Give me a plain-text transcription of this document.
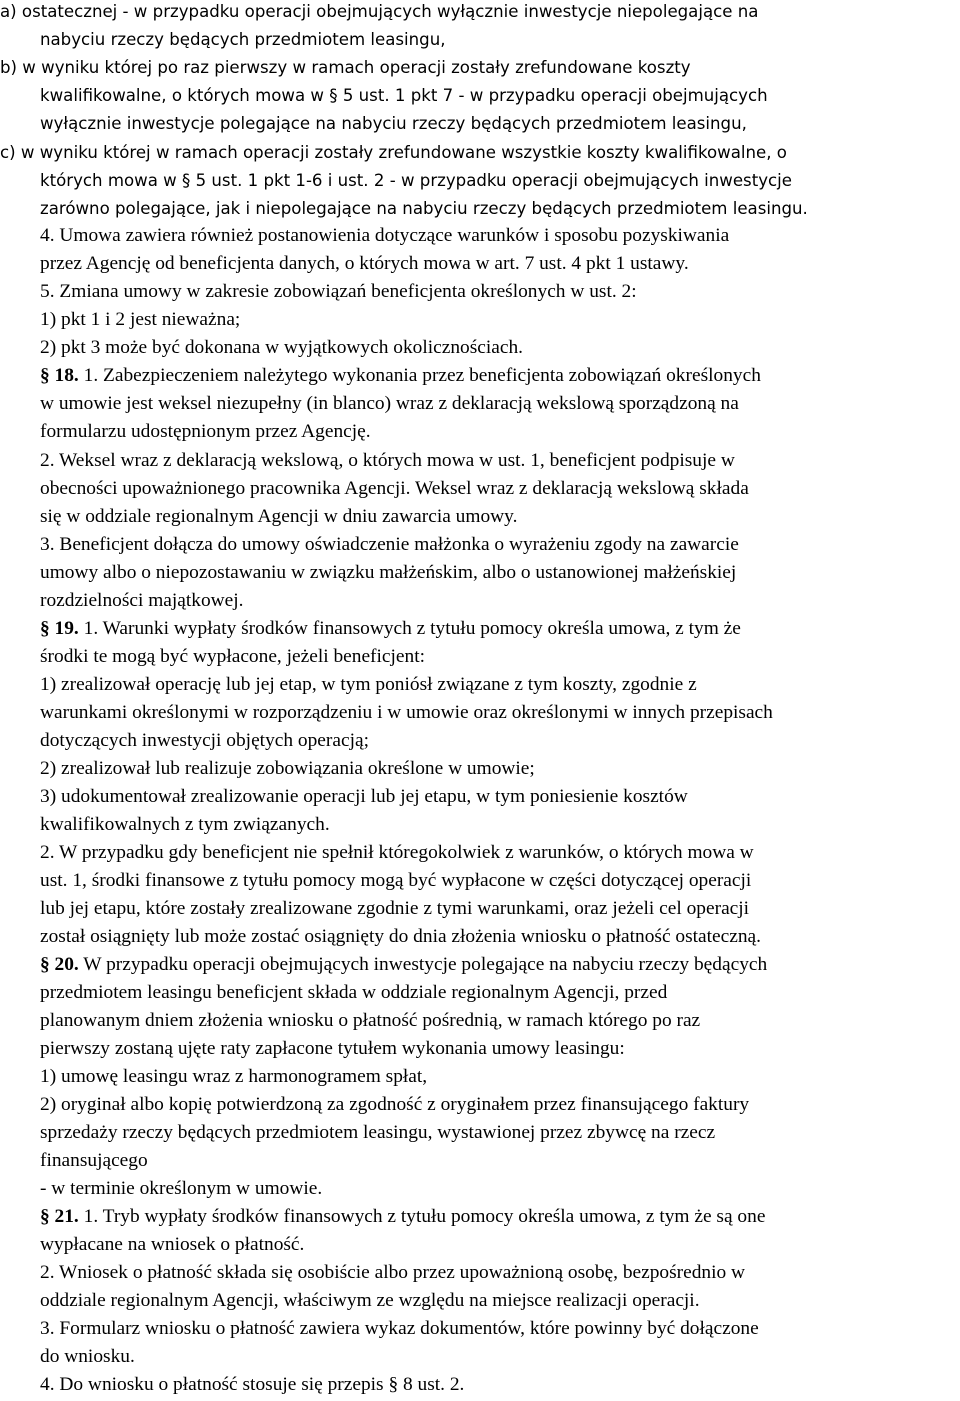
a) ostatecznej - w przypadku operacji obejmujących wyłącznie inwestycje niepolegające na
nabyciu rzeczy będących przedmiotem leasingu,
b) w wyniku której po raz pierwszy w ramach operacji zostały zrefundowane koszty
kwalifikowalne, o których mowa w § 5 ust. 1 pkt 7 - w przypadku operacji obejmujących
wyłącznie inwestycje polegające na nabyciu rzeczy będących przedmiotem leasingu,
c) w wyniku której w ramach operacji zostały zrefundowane wszystkie koszty kwalifikowalne, o
których mowa w § 5 ust. 1 pkt 1-6 i ust. 2 - w przypadku operacji obejmujących inwestycje
zarówno polegające, jak i niepolegające na nabyciu rzeczy będących przedmiotem leasingu.
4. Umowa zawiera również postanowienia dotyczące warunków i sposobu pozyskiwania
przez Agencję od beneficjenta danych, o których mowa w art. 7 ust. 4 pkt 1 ustawy.
5. Zmiana umowy w zakresie zobowiązań beneficjenta określonych w ust. 2:
1) pkt 1 i 2 jest nieważna;
2) pkt 3 może być dokonana w wyjątkowych okolicznościach.
§ 18. 1. Zabezpieczeniem należytego wykonania przez beneficjenta zobowiązań określonych
w umowie jest weksel niezupełny (in blanco) wraz z deklaracją wekslową sporządzoną na
formularzu udostępnionym przez Agencję.
2. Weksel wraz z deklaracją wekslową, o których mowa w ust. 1, beneficjent podpisuje w
obecności upoważnionego pracownika Agencji. Weksel wraz z deklaracją wekslową składa
się w oddziale regionalnym Agencji w dniu zawarcia umowy.
3. Beneficjent dołącza do umowy oświadczenie małżonka o wyrażeniu zgody na zawarcie
umowy albo o niepozostawaniu w związku małżeńskim, albo o ustanowionej małżeńskiej
rozdzielności majątkowej.
§ 19. 1. Warunki wypłaty środków finansowych z tytułu pomocy określa umowa, z tym że
środki te mogą być wypłacone, jeżeli beneficjent:
1) zrealizował operację lub jej etap, w tym poniósł związane z tym koszty, zgodnie z
warunkami określonymi w rozporządzeniu i w umowie oraz określonymi w innych przepisach
dotyczących inwestycji objętych operacją;
2) zrealizował lub realizuje zobowiązania określone w umowie;
3) udokumentował zrealizowanie operacji lub jej etapu, w tym poniesienie kosztów
kwalifikowalnych z tym związanych.
2. W przypadku gdy beneficjent nie spełnił któregokolwiek z warunków, o których mowa w
ust. 1, środki finansowe z tytułu pomocy mogą być wypłacone w części dotyczącej operacji
lub jej etapu, które zostały zrealizowane zgodnie z tymi warunkami, oraz jeżeli cel operacji
został osiągnięty lub może zostać osiągnięty do dnia złożenia wniosku o płatność ostateczną.
§ 20. W przypadku operacji obejmujących inwestycje polegające na nabyciu rzeczy będących
przedmiotem leasingu beneficjent składa w oddziale regionalnym Agencji, przed
planowanym dniem złożenia wniosku o płatność pośrednią, w ramach którego po raz
pierwszy zostaną ujęte raty zapłacone tytułem wykonania umowy leasingu:
1) umowę leasingu wraz z harmonogramem spłat,
2) oryginał albo kopię potwierdzoną za zgodność z oryginałem przez finansującego faktury
sprzedaży rzeczy będących przedmiotem leasingu, wystawionej przez zbywcę na rzecz
finansującego
- w terminie określonym w umowie.
§ 21. 1. Tryb wypłaty środków finansowych z tytułu pomocy określa umowa, z tym że są one
wypłacane na wniosek o płatność.
2. Wniosek o płatność składa się osobiście albo przez upoważnioną osobę, bezpośrednio w
oddziale regionalnym Agencji, właściwym ze względu na miejsce realizacji operacji.
3. Formularz wniosku o płatność zawiera wykaz dokumentów, które powinny być dołączone
do wniosku.
4. Do wniosku o płatność stosuje się przepis § 8 ust. 2.
